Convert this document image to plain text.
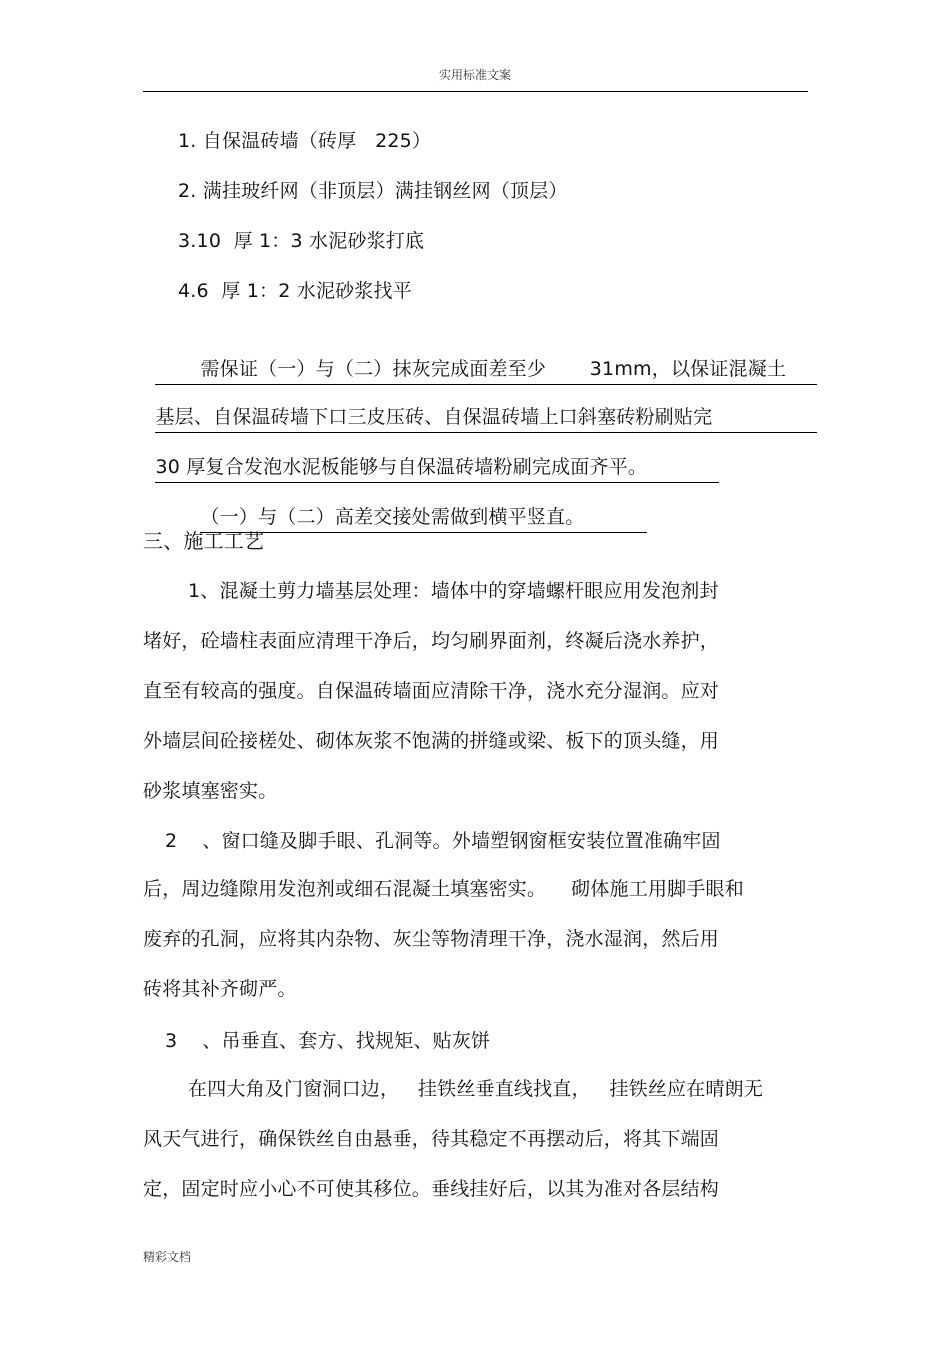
实用标准文案
1. 自保温砖墙（砖厚   225）
2. 满挂玻纤网（非顶层）满挂钢丝网（顶层）
3.10  厚 1：3 水泥砂浆打底
4.6  厚 1：2 水泥砂浆找平

需保证（一）与（二）抹灰完成面差至少       31mm，以保证混凝土

基层、自保温砖墙下口三皮压砖、自保温砖墙上口斜塞砖粉刷贴完

30 厚复合发泡水泥板能够与自保温砖墙粉刷完成面齐平。

（一）与（二）高差交接处需做到横平竖直。

三、施工工艺
1、混凝土剪力墙基层处理：墙体中的穿墙螺杆眼应用发泡剂封
堵好，砼墙柱表面应清理干净后，均匀刷界面剂，终凝后浇水养护，
直至有较高的强度。自保温砖墙面应清除干净，浇水充分湿润。应对
外墙层间砼接槎处、砌体灰浆不饱满的拼缝或梁、板下的顶头缝，用
砂浆填塞密实。
2    、窗口缝及脚手眼、孔洞等。外墙塑钢窗框安装位置准确牢固
后，周边缝隙用发泡剂或细石混凝土填塞密实。    砌体施工用脚手眼和
废弃的孔洞，应将其内杂物、灰尘等物清理干净，浇水湿润，然后用
砖将其补齐砌严。
3    、吊垂直、套方、找规矩、贴灰饼
在四大角及门窗洞口边，   挂铁丝垂直线找直，   挂铁丝应在晴朗无
风天气进行，确保铁丝自由悬垂，待其稳定不再摆动后，将其下端固
定，固定时应小心不可使其移位。垂线挂好后，以其为准对各层结构
精彩文档
